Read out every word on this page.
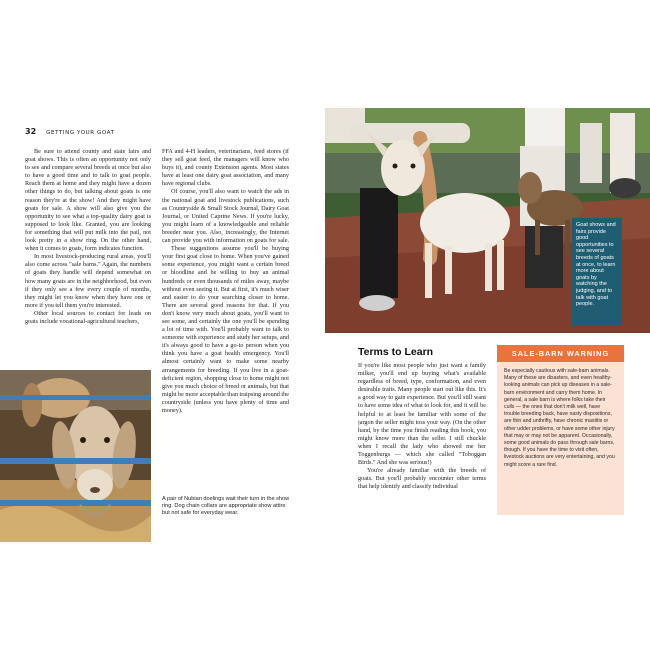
32 GETTING YOUR GOAT

Be sure to attend county and state fairs and goat shows. This is often an opportunity not only to see and compare several breeds at once but also to have a good time and to talk to goat people. Reach them at home and they might have a dozen other things to do, but talking about goats is one reason they're at the show! And they might have goats for sale. A show will also give you the opportunity to see what a top-quality dairy goat is supposed to look like. Granted, you are looking for something that will put milk into the pail, not look pretty in a show ring. On the other hand, when it comes to goats, form indicates function.

In most livestock-producing rural areas, you'll also come across "sale barns." Again, the numbers of goats they handle will depend somewhat on how many goats are in the neighborhood, but even if they only see a few every couple of months, they might let you know when they have one or more if you tell them you're interested.

Other local sources to contact for leads on goats include vocational-agricultural teachers,

FFA and 4-H leaders, veterinarians, feed stores (if they sell goat feed, the managers will know who buys it), and county Extension agents. Most states have at least one dairy goat association, and many have regional clubs.

Of course, you'll also want to watch the ads in the national goat and livestock publications, such as Countryside & Small Stock Journal, Dairy Goat Journal, or United Caprine News. If you're lucky, you might learn of a knowledgeable and reliable breeder near you. Also, increasingly, the Internet can provide you with information on goats for sale.

These suggestions assume you'll be buying your first goat close to home. When you've gained some experience, you might want a certain breed or bloodline and be willing to buy an animal hundreds or even thousands of miles away, maybe without even seeing it. But at first, it's much wiser and easier to do your searching closer to home. There are several good reasons for that. If you don't know very much about goats, you'll want to see some, and certainly the one you'll be spending a lot of time with. You'll probably want to talk to someone with experience and study her setups, and it's always good to have a go-to person when you think you have a goat health emergency. You'll almost certainly want to make some nearby arrangements for breeding. If you live in a goat-deficient region, shopping close to home might not give you much choice of breed or animals, but that might be more acceptable than traipsing around the countryside (unless you have plenty of time and money).

A pair of Nubian doelings wait their turn in the show ring. Dog chain collars are appropriate show attire but not safe for everyday wear.
Goat shows and fairs provide good opportunities to see several breeds of goats at once, to learn more about goats by watching the judging, and to talk with goat people.
Terms to Learn

If you're like most people who just want a family milker, you'll end up buying what's available regardless of breed, type, conformation, and even desirable traits. Many people start out like this. It's a good way to gain experience. But you'll still want to have some idea of what to look for, and it will be helpful to at least be familiar with some of the jargon the seller might toss your way. (On the other hand, by the time you finish reading this book, you might know more than the seller. I still chuckle when I recall the lady who showed me her Toggenburgs — which she called "Toboggan Birds." And she was serious!)

You're already familiar with the breeds of goats. But you'll probably encounter other terms that help identify and classify individual

SALE-BARN WARNING
Be especially cautious with sale-barn animals. Many of these are disasters, and even healthy-looking animals can pick up diseases in a sale-barn environment and carry them home. In general, a sale barn is where folks take their culls — the ones that don't milk well, have trouble breeding back, have nasty dispositions, are thin and unthrifty, have chronic mastitis or other udder problems, or have some other injury that may or may not be apparent. Occasionally, some good animals do pass through sale barns, though. If you have the time to visit often, livestock auctions are very entertaining, and you might score a rare find.
